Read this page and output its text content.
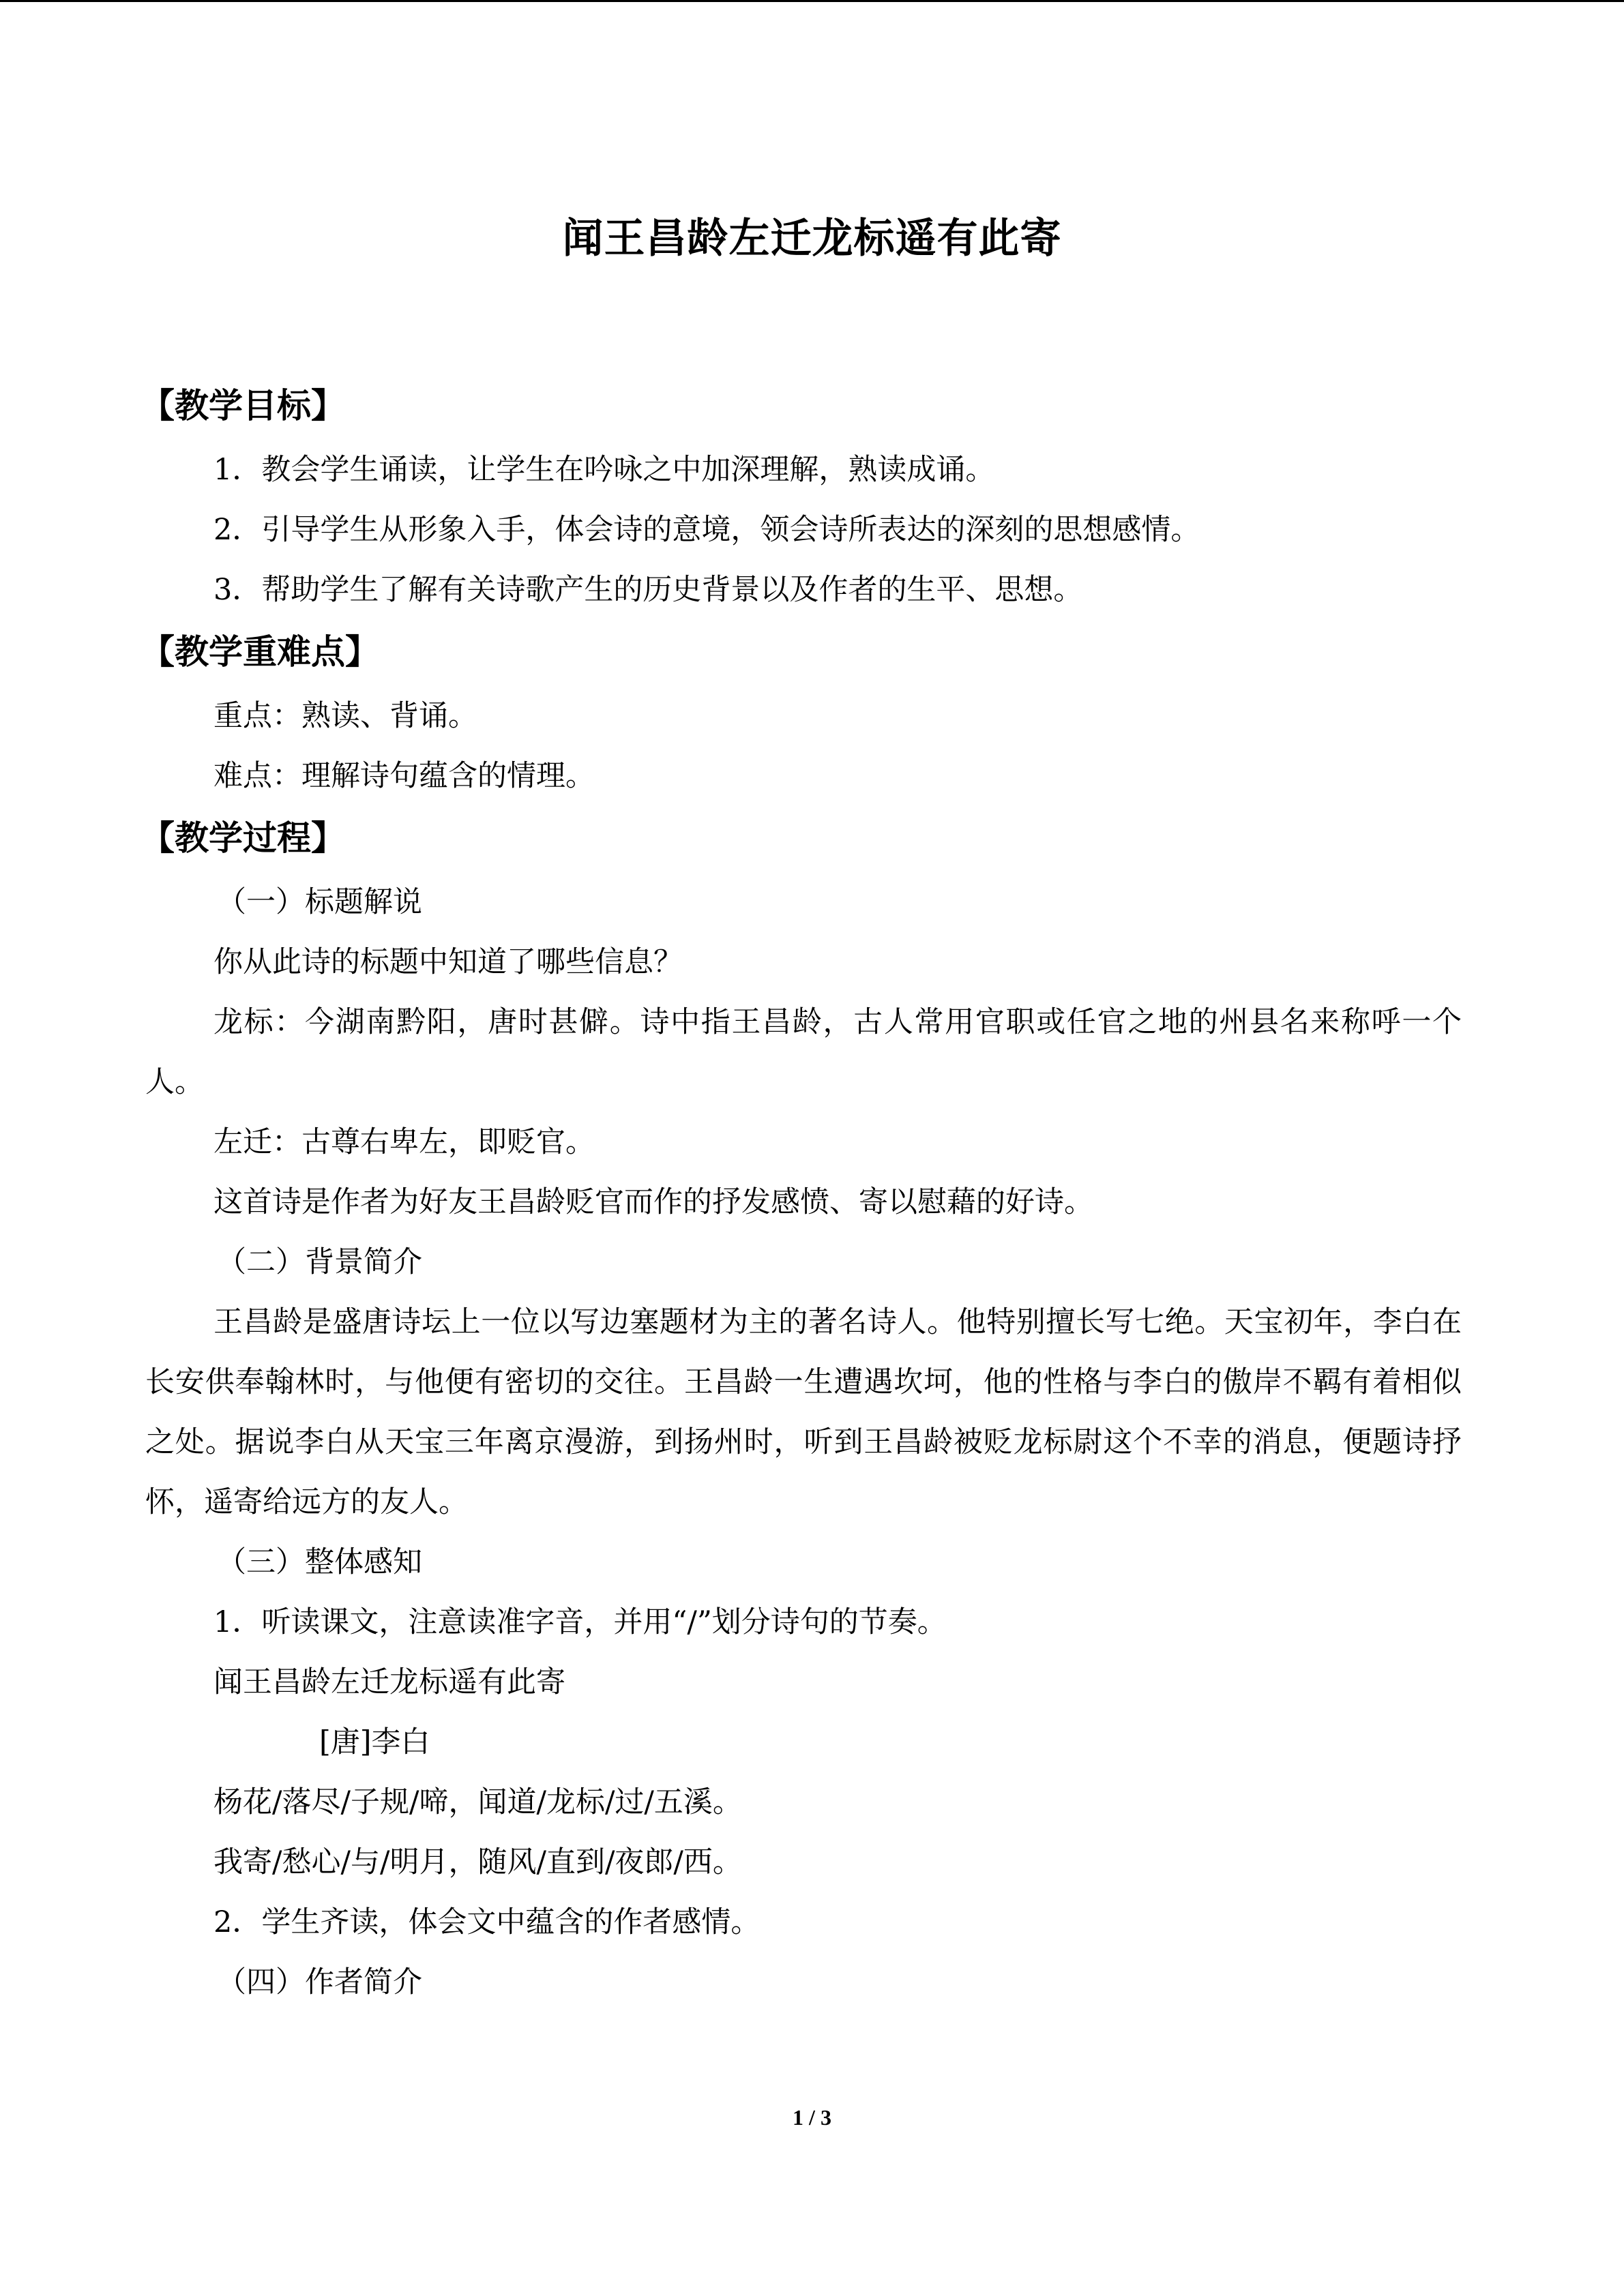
闻王昌龄左迁龙标遥有此寄
【教学目标】
1．教会学生诵读，让学生在吟咏之中加深理解，熟读成诵。
2．引导学生从形象入手，体会诗的意境，领会诗所表达的深刻的思想感情。
3．帮助学生了解有关诗歌产生的历史背景以及作者的生平、思想。
【教学重难点】
重点：熟读、背诵。
难点：理解诗句蕴含的情理。
【教学过程】
（一）标题解说
你从此诗的标题中知道了哪些信息？
龙标：今湖南黔阳，唐时甚僻。诗中指王昌龄，古人常用官职或任官之地的州县名来称呼一个人。
左迁：古尊右卑左，即贬官。
这首诗是作者为好友王昌龄贬官而作的抒发感愤、寄以慰藉的好诗。
（二）背景简介
王昌龄是盛唐诗坛上一位以写边塞题材为主的著名诗人。他特别擅长写七绝。天宝初年，李白在长安供奉翰林时，与他便有密切的交往。王昌龄一生遭遇坎坷，他的性格与李白的傲岸不羁有着相似之处。据说李白从天宝三年离京漫游，到扬州时，听到王昌龄被贬龙标尉这个不幸的消息，便题诗抒怀，遥寄给远方的友人。
（三）整体感知
1．听读课文，注意读准字音，并用“/”划分诗句的节奏。
闻王昌龄左迁龙标遥有此寄
[唐]李白
杨花/落尽/子规/啼，闻道/龙标/过/五溪。
我寄/愁心/与/明月，随风/直到/夜郎/西。
2．学生齐读，体会文中蕴含的作者感情。
（四）作者简介
1 / 3
